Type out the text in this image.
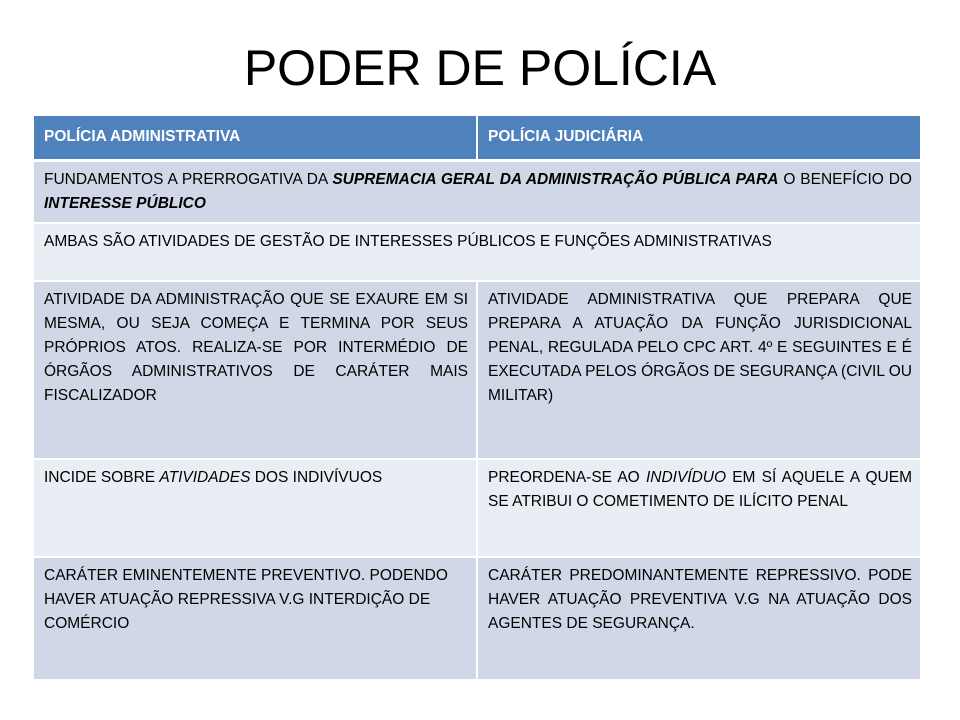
PODER DE POLÍCIA
POLÍCIA ADMINISTRATIVA	POLÍCIA JUDICIÁRIA
FUNDAMENTOS A PRERROGATIVA DA SUPREMACIA GERAL DA ADMINISTRAÇÃO PÚBLICA PARA O BENEFÍCIO DO INTERESSE PÚBLICO	

AMBAS SÃO ATIVIDADES DE GESTÃO DE INTERESSES PÚBLICOS E FUNÇÕES ADMINISTRATIVAS	

ATIVIDADE DA ADMINISTRAÇÃO QUE SE EXAURE EM SI MESMA, OU SEJA COMEÇA E TERMINA POR SEUS PRÓPRIOS ATOS. REALIZA-SE POR INTERMÉDIO DE ÓRGÃOS ADMINISTRATIVOS DE CARÁTER MAIS FISCALIZADOR	ATIVIDADE ADMINISTRATIVA QUE PREPARA QUE PREPARA A ATUAÇÃO DA FUNÇÃO JURISDICIONAL PENAL, REGULADA PELO CPC ART. 4º E SEGUINTES E É EXECUTADA PELOS ÓRGÃOS DE SEGURANÇA (CIVIL OU MILITAR)
INCIDE SOBRE ATIVIDADES DOS INDIVÍVUOS	PREORDENA-SE AO INDIVÍDUO EM SÍ AQUELE A QUEM SE ATRIBUI O COMETIMENTO DE ILÍCITO PENAL
CARÁTER EMINENTEMENTE PREVENTIVO. PODENDO HAVER ATUAÇÃO REPRESSIVA V.G INTERDIÇÃO DE COMÉRCIO	CARÁTER PREDOMINANTEMENTE REPRESSIVO. PODE HAVER ATUAÇÃO PREVENTIVA V.G NA ATUAÇÃO DOS AGENTES DE SEGURANÇA.
